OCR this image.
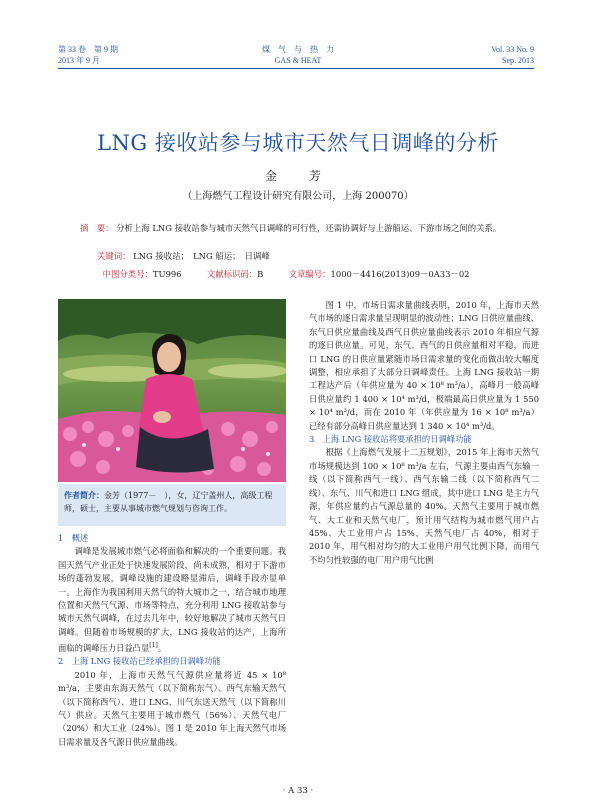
第 33 卷　第 9 期
2013 年 9 月
煤　气　与　热　力
GAS & HEAT
Vol. 33 No. 9
Sep. 2013
LNG 接收站参与城市天然气日调峰的分析
金　芳
（上海燃气工程设计研究有限公司，上海 200070）
摘　要： 分析上海 LNG 接收站参与城市天然气日调峰的可行性，还需协调好与上游船运、下游市场之间的关系。
关键词： LNG 接收站；　LNG 船运；　日调峰
中图分类号：TU996	文献标识码：B	文章编号：1000－4416(2013)09－0A33－02
作者简介：金芳（1977－　），女，辽宁盖州人，高级工程师，硕士，主要从事城市燃气规划与咨询工作。

1　概述

调峰是发展城市燃气必将面临和解决的一个重要问题。我国天然气产业正处于快速发展阶段，尚未成熟，相对于下游市场的蓬勃发展，调峰设施的建设略显滞后，调峰手段亦显单一。上海作为我国利用天然气的特大城市之一，结合城市地理位置和天然气气源、市场等特点，充分利用 LNG 接收站参与城市天然气调峰，在过去几年中，较好地解决了城市天然气日调峰。但随着市场规模的扩大，LNG 接收站的达产，上海所面临的调峰压力日益凸显[1]。

2　上海 LNG 接收站已经承担的日调峰功能

2010 年，上海市天然气气源供应量将近 45 × 10⁸ m³/a，主要由东海天然气（以下简称东气）、西气东输天然气（以下简称西气）、进口 LNG、川气东送天然气（以下简称川气）供应。天然气主要用于城市燃气（56%）、天然气电厂（20%）和大工业（24%）。图 1 是 2010 年上海天然气市场日需求量及各气源日供应量曲线。

图 1 中，市场日需求量曲线表明，2010 年，上海市天然气市场的逐日需求量呈现明显的波动性；LNG 日供应量曲线、东气日供应量曲线及西气日供应量曲线表示 2010 年相应气源的逐日供应量。可见，东气、西气的日供应量相对平稳，而进口 LNG 的日供应量紧随市场日需求量的变化而做出较大幅度调整，相应承担了大部分日调峰责任。上海 LNG 接收站一期工程达产后（年供应量为 40 × 10⁸ m³/a），高峰月一般高峰日供应量约 1 400 × 10⁴ m³/d，极端最高日供应量为 1 550 × 10⁴ m³/d，而在 2010 年（年供应量为 16 × 10⁸ m³/a）已经有部分高峰日供应量达到 1 340 × 10⁴ m³/d。

3　上海 LNG 接收站将要承担的日调峰功能

根据《上海燃气发展十二五规划》，2015 年上海市天然气市场规模达到 100 × 10⁸ m³/a 左右，气源主要由西气东输一线（以下简称西气一线）、西气东输二线（以下简称西气二线）、东气、川气和进口 LNG 组成，其中进口 LNG 是主力气源，年供应量约占气源总量的 40%。天然气主要用于城市燃气、大工业和天然气电厂，预计用气结构为城市燃气用户占 45%、大工业用户占 15%，天然气电厂占 40%，相对于 2010 年，用气相对均匀的大工业用户用气比例下降，而用气不均匀性较强的电厂用户用气比例

· A 33 ·
